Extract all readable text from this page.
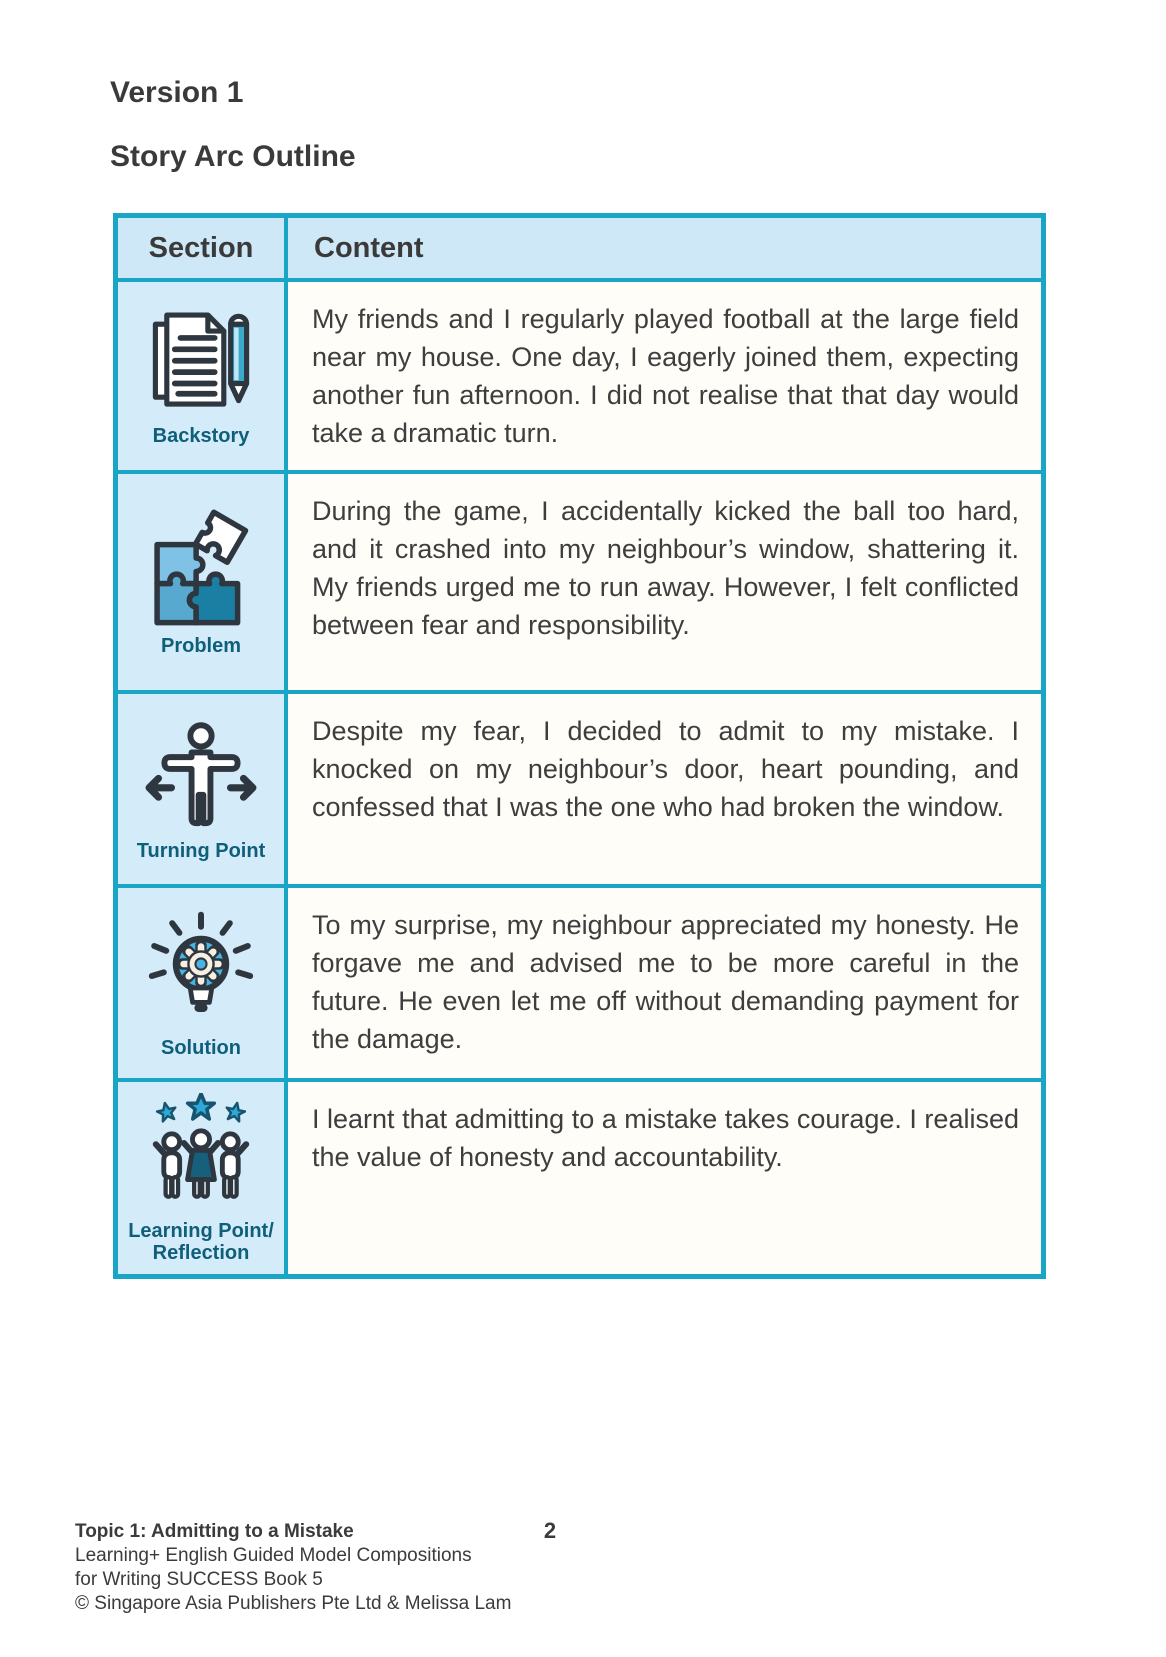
Version 1
Story Arc Outline
Section Content
Backstory

My friends and I regularly played football at the large field near my house. One day, I eagerly joined them, expecting another fun afternoon. I did not realise that that day would take a dramatic turn.

Problem

During the game, I accidentally kicked the ball too hard, and it crashed into my neighbour’s window, shattering it. My friends urged me to run away. However, I felt conflicted between fear and responsibility.

Turning Point

Despite my fear, I decided to admit to my mistake. I knocked on my neighbour’s door, heart pounding, and confessed that I was the one who had broken the window.

Solution

To my surprise, my neighbour appreciated my honesty. He forgave me and advised me to be more careful in the future. He even let me off without demanding payment for the damage.

Learning Point/ Reflection

I learnt that admitting to a mistake takes courage. I realised the value of honesty and accountability.

Topic 1: Admitting to a Mistake
Learning+ English Guided Model Compositions
for Writing SUCCESS Book 5
© Singapore Asia Publishers Pte Ltd & Melissa Lam
2
